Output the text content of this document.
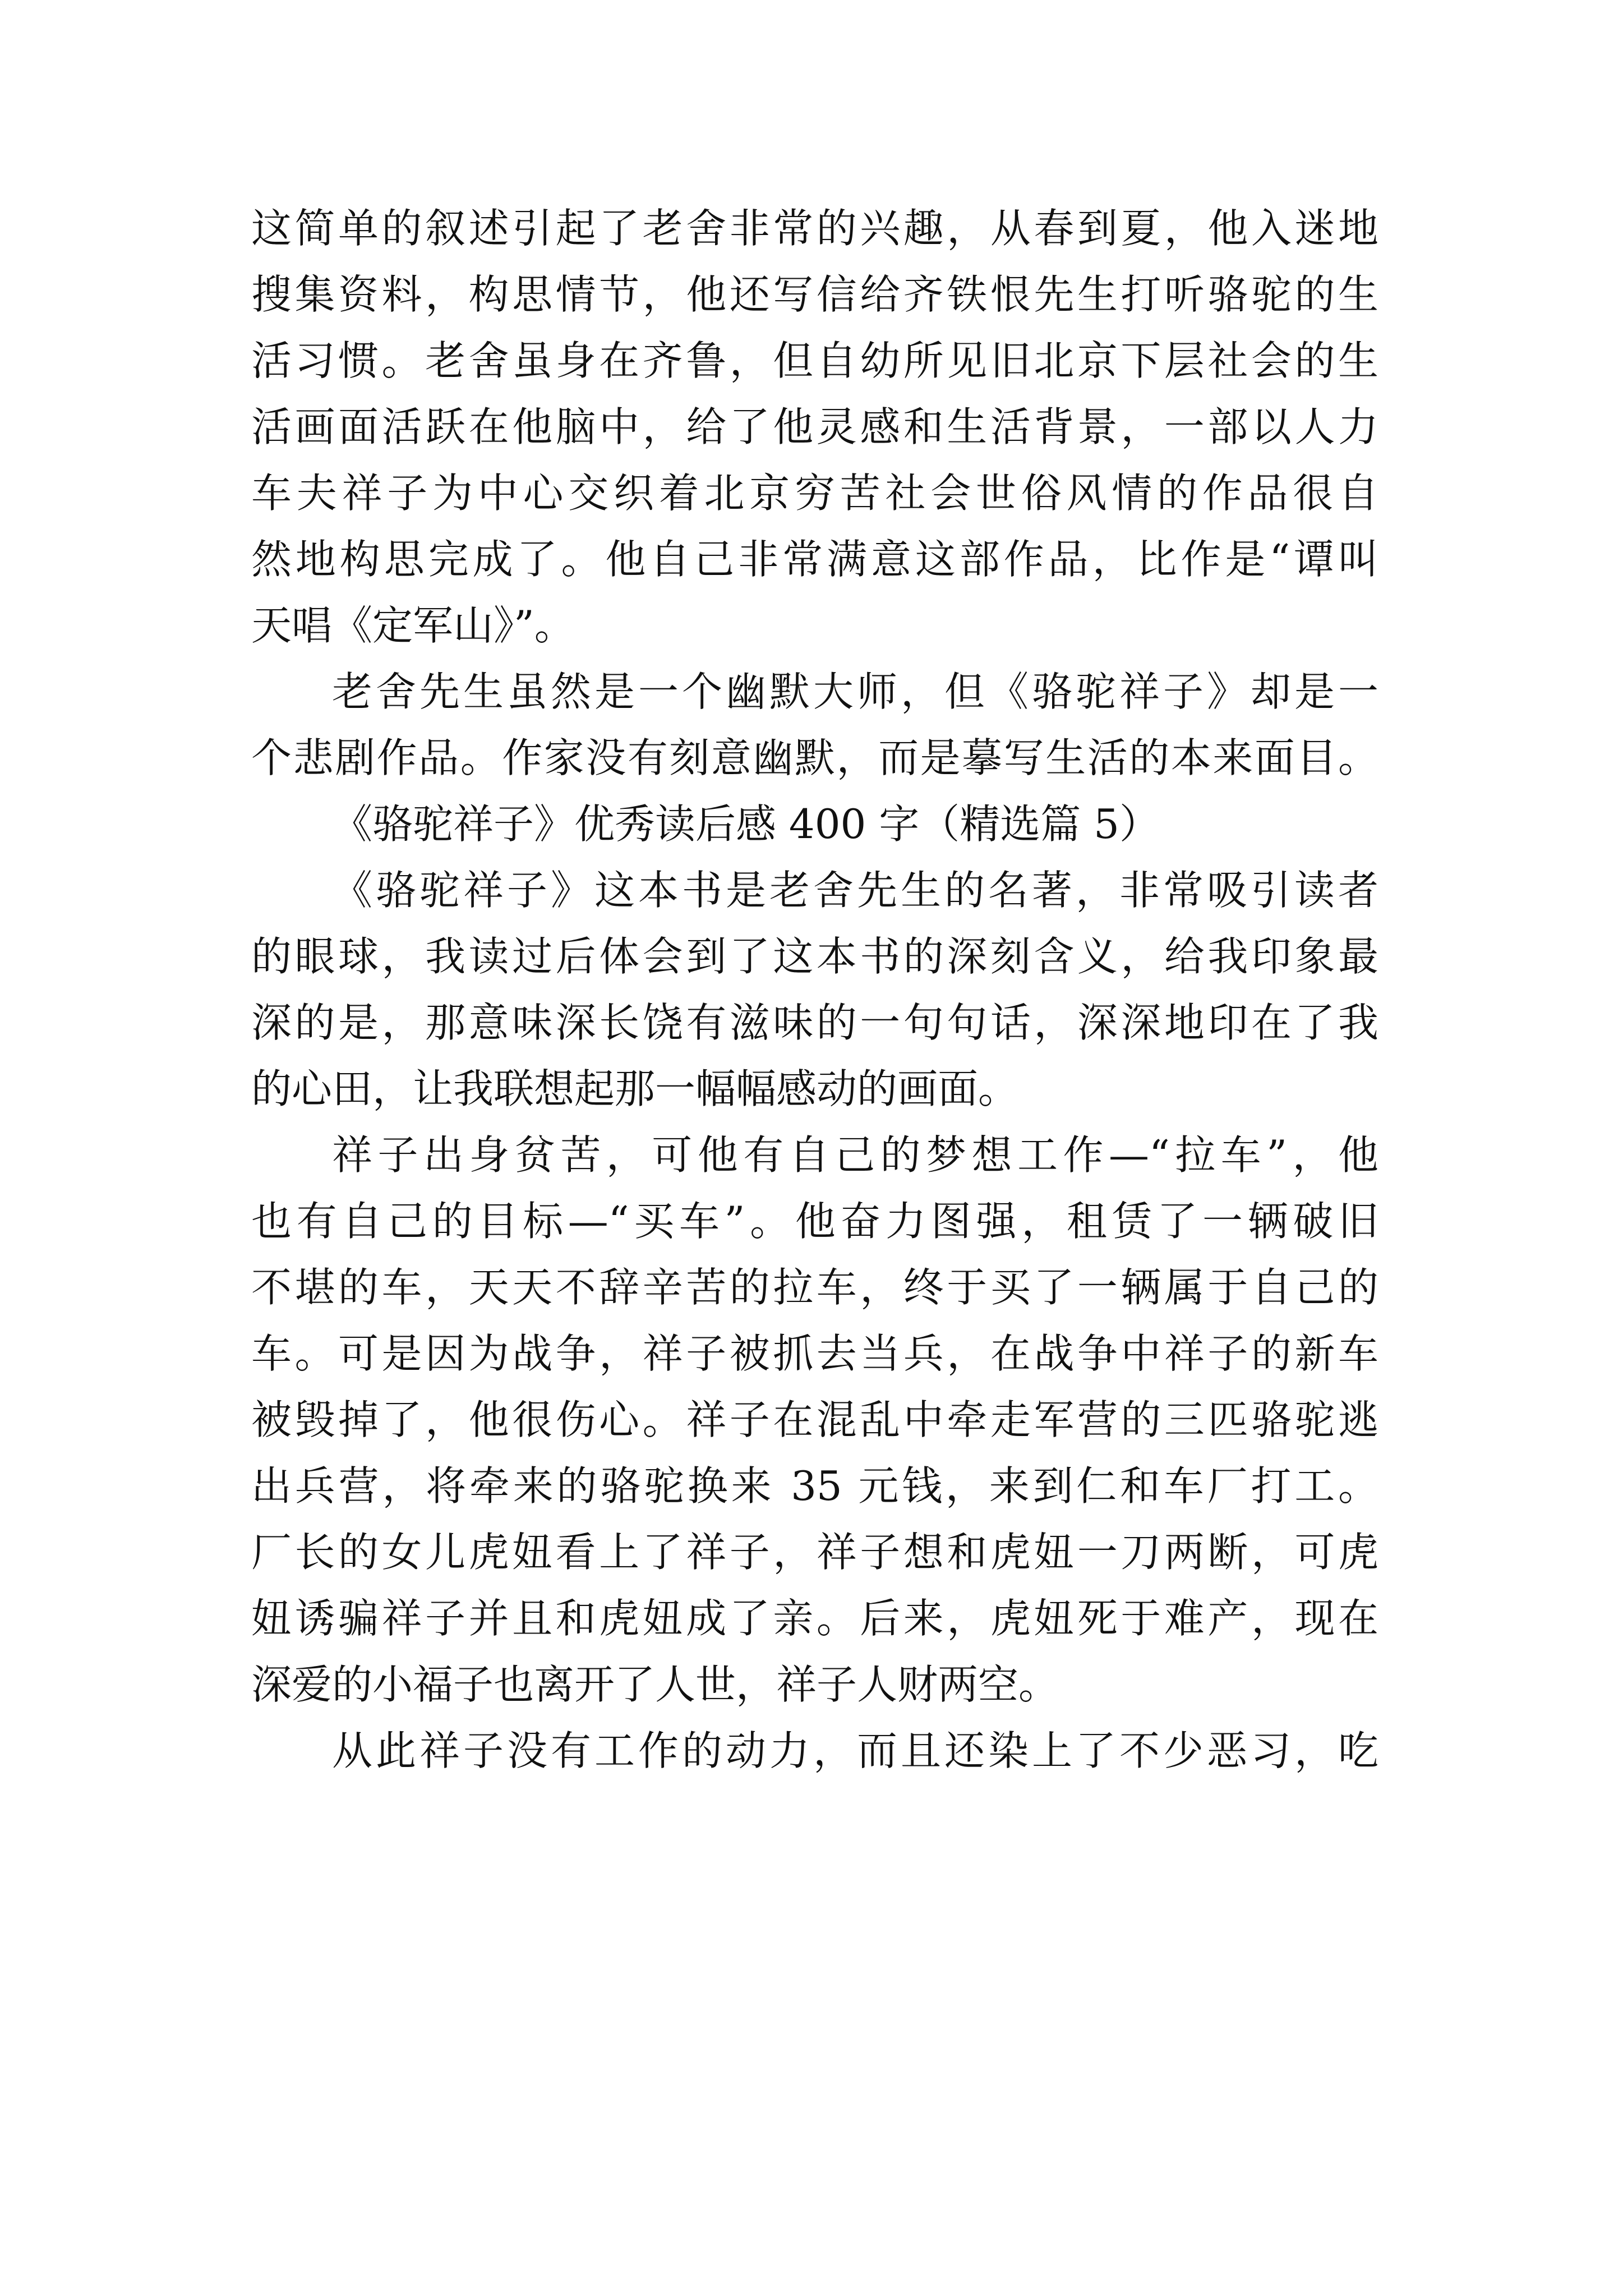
这简单的叙述引起了老舍非常的兴趣，从春到夏，他入迷地
搜集资料，构思情节，他还写信给齐铁恨先生打听骆驼的生
活习惯。老舍虽身在齐鲁，但自幼所见旧北京下层社会的生
活画面活跃在他脑中，给了他灵感和生活背景，一部以人力
车夫祥子为中心交织着北京穷苦社会世俗风情的作品很自
然地构思完成了。他自己非常满意这部作品，比作是“谭叫
天唱《定军山》”。
老舍先生虽然是一个幽默大师，但《骆驼祥子》却是一
个悲剧作品。作家没有刻意幽默，而是摹写生活的本来面目。
《骆驼祥子》优秀读后感 400 字（精选篇 5）
《骆驼祥子》这本书是老舍先生的名著，非常吸引读者
的眼球，我读过后体会到了这本书的深刻含义，给我印象最
深的是，那意味深长饶有滋味的一句句话，深深地印在了我
的心田，让我联想起那一幅幅感动的画面。
祥子出身贫苦，可他有自己的梦想工作—“拉车”，他
也有自己的目标—“买车”。他奋力图强，租赁了一辆破旧
不堪的车，天天不辞辛苦的拉车，终于买了一辆属于自己的
车。可是因为战争，祥子被抓去当兵，在战争中祥子的新车
被毁掉了，他很伤心。祥子在混乱中牵走军营的三匹骆驼逃
出兵营，将牵来的骆驼换来 35 元钱，来到仁和车厂打工。
厂长的女儿虎妞看上了祥子，祥子想和虎妞一刀两断，可虎
妞诱骗祥子并且和虎妞成了亲。后来，虎妞死于难产，现在
深爱的小福子也离开了人世，祥子人财两空。
从此祥子没有工作的动力，而且还染上了不少恶习，吃
